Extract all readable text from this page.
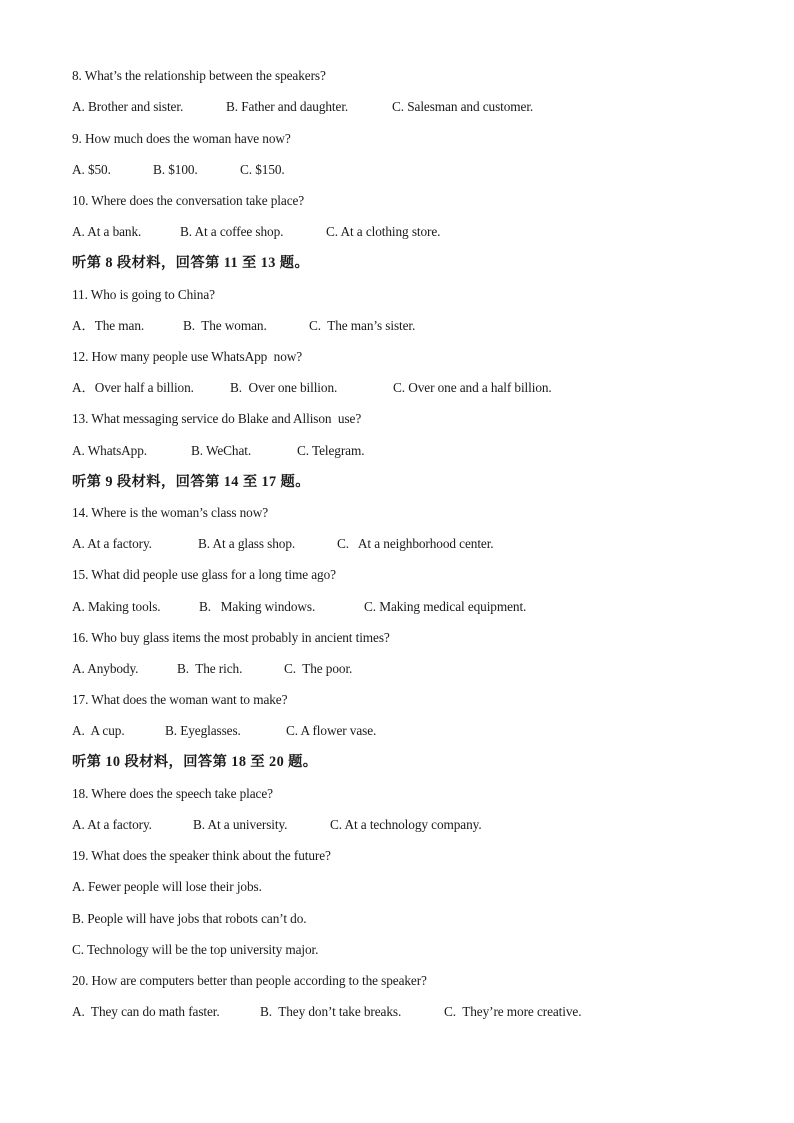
8. What’s the relationship between the speakers?

A. Brother and sister.

	B. Father and daughter.

	C. Salesman and customer.

9. How much does the woman have now?

A. $50.

	B. $100.

	C. $150.

10. Where does the conversation take place?

A. At a bank.

	B. At a coffee shop.

	C. At a clothing store.

听第 8 段材料，回答第 11 至 13 题。
11. Who is going to China?

A．The man.

	B.  The woman.

	C.  The man’s sister.

12. How many people use WhatsApp  now?

A．Over half a billion.

	B.  Over one billion.

	C. Over one and a half billion.

13. What messaging service do Blake and Allison  use?

A. WhatsApp.

	B. WeChat.

	C. Telegram.

听第 9 段材料，回答第 14 至 17 题。
14. Where is the woman’s class now?

A. At a factory.

	B. At a glass shop.

	C.   At a neighborhood center.

15. What did people use glass for a long time ago?

A. Making tools.

	B.   Making windows.

	C. Making medical equipment.

16. Who buy glass items the most probably in ancient times?

A. Anybody.

	B.  The rich.

	C.  The poor.

17. What does the woman want to make?

A.  A cup.

	B. Eyeglasses.

	C. A flower vase.

听第 10 段材料，回答第 18 至 20 题。
18. Where does the speech take place?

A. At a factory.

	B. At a university.

	C. At a technology company.

19. What does the speaker think about the future?
A. Fewer people will lose their jobs.
B. People will have jobs that robots can’t do.
C. Technology will be the top university major.
20. How are computers better than people according to the speaker?

A.  They can do math faster.

	B.  They don’t take breaks.

	C.  They’re more creative.
